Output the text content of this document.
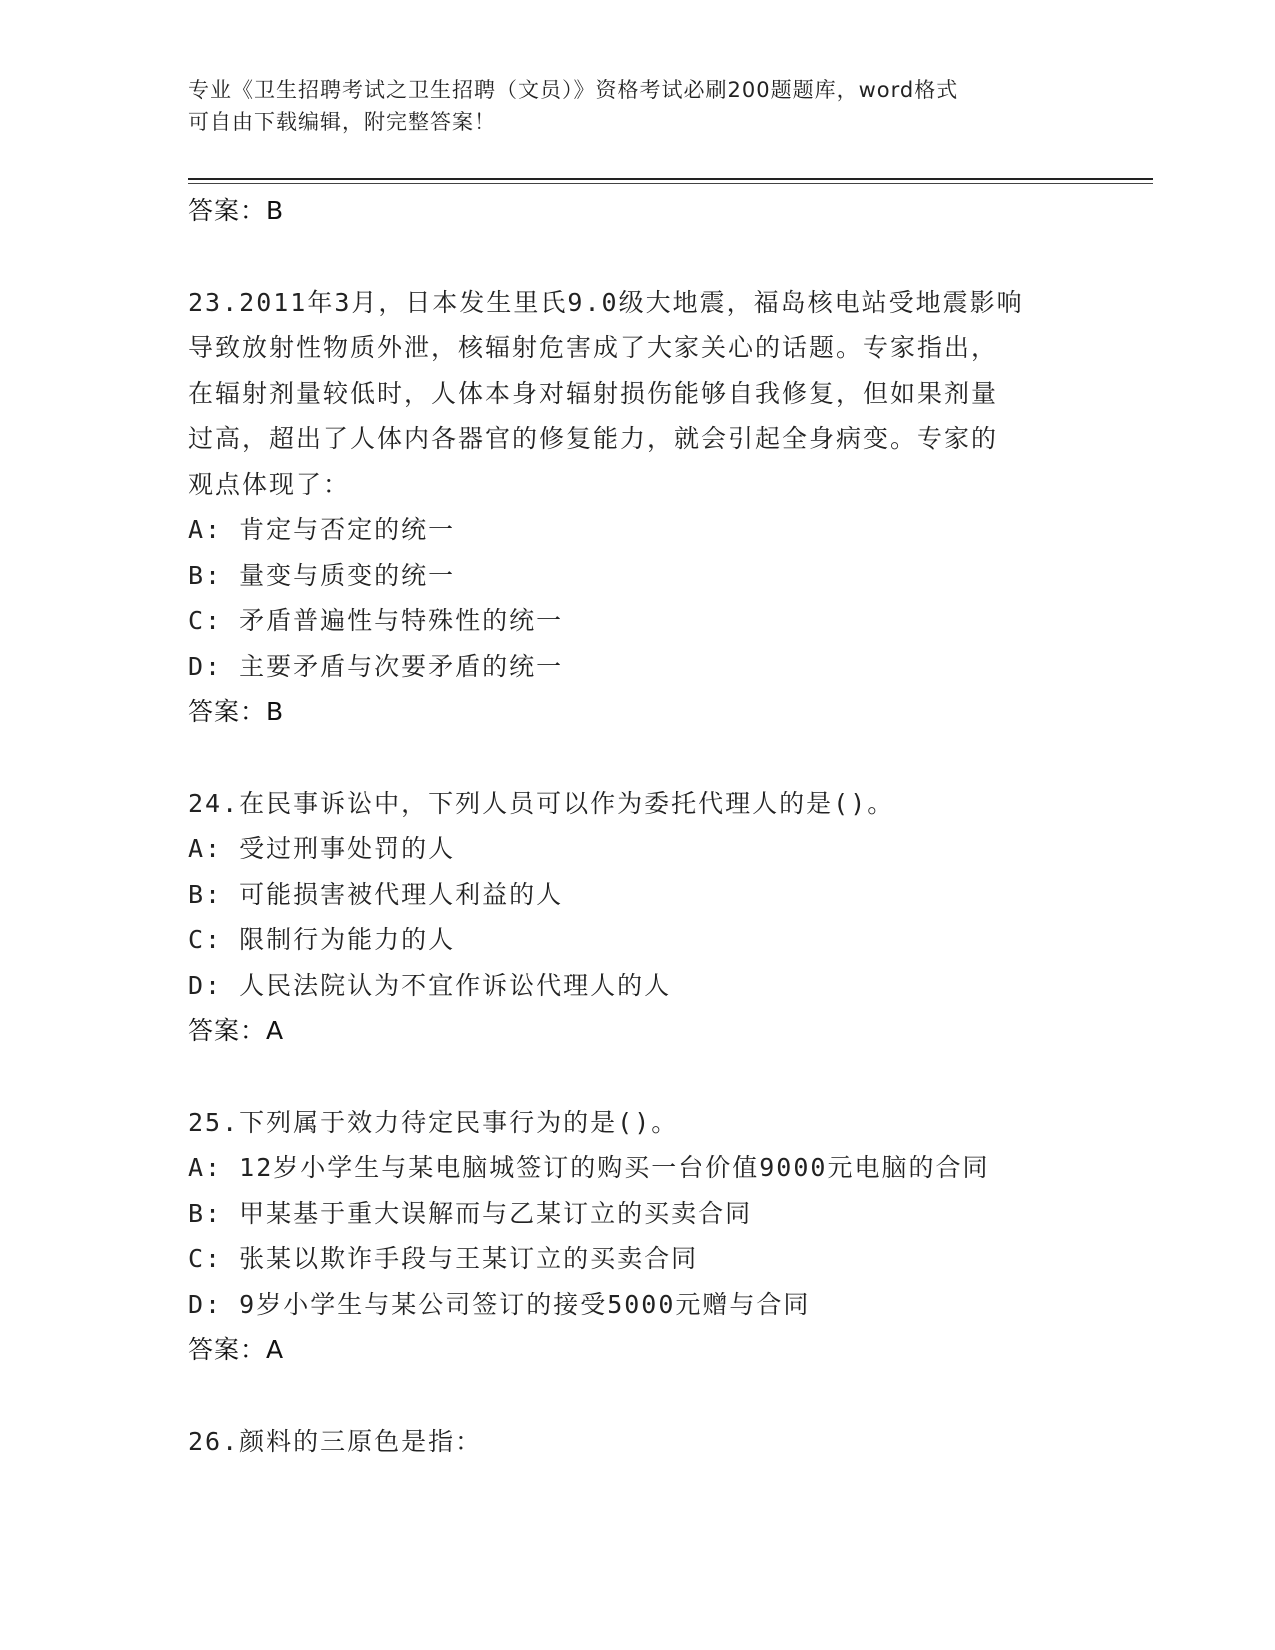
专业《卫生招聘考试之卫生招聘（文员）》资格考试必刷200题题库，word格式
可自由下载编辑，附完整答案！
答案：B
23.2011年3月，日本发生里氏9.0级大地震，福岛核电站受地震影响
导致放射性物质外泄，核辐射危害成了大家关心的话题。专家指出，
在辐射剂量较低时，人体本身对辐射损伤能够自我修复，但如果剂量
过高，超出了人体内各器官的修复能力，就会引起全身病变。专家的
观点体现了：
A: 肯定与否定的统一
B: 量变与质变的统一
C: 矛盾普遍性与特殊性的统一
D: 主要矛盾与次要矛盾的统一
答案：B
24.在民事诉讼中，下列人员可以作为委托代理人的是()。
A: 受过刑事处罚的人
B: 可能损害被代理人利益的人
C: 限制行为能力的人
D: 人民法院认为不宜作诉讼代理人的人
答案：A
25.下列属于效力待定民事行为的是()。
A: 12岁小学生与某电脑城签订的购买一台价值9000元电脑的合同
B: 甲某基于重大误解而与乙某订立的买卖合同
C: 张某以欺诈手段与王某订立的买卖合同
D: 9岁小学生与某公司签订的接受5000元赠与合同
答案：A
26.颜料的三原色是指：
